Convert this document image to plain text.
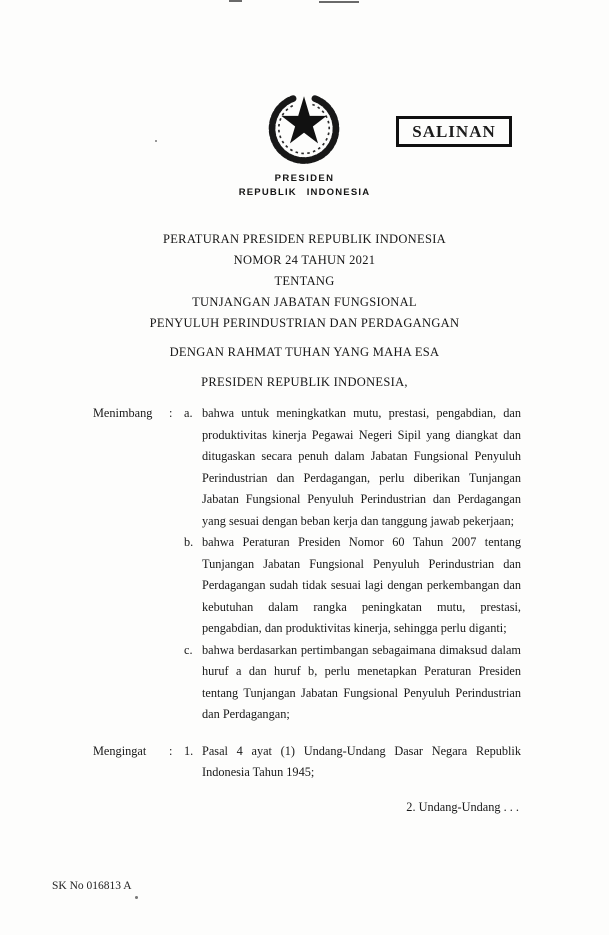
SALINAN
PRESIDEN
REPUBLIK INDONESIA
PERATURAN PRESIDEN REPUBLIK INDONESIA
NOMOR 24 TAHUN 2021
TENTANG
TUNJANGAN JABATAN FUNGSIONAL
PENYULUH PERINDUSTRIAN DAN PERDAGANGAN
DENGAN RAHMAT TUHAN YANG MAHA ESA
PRESIDEN REPUBLIK INDONESIA,
Menimbang	: a. bahwa untuk meningkatkan mutu, prestasi, pengabdian, dan produktivitas kinerja Pegawai Negeri Sipil yang diangkat dan ditugaskan secara penuh dalam Jabatan Fungsional Penyuluh Perindustrian dan Perdagangan, perlu diberikan Tunjangan Jabatan Fungsional Penyuluh Perindustrian dan Perdagangan yang sesuai dengan beban kerja dan tanggung jawab pekerjaan;
b. bahwa Peraturan Presiden Nomor 60 Tahun 2007 tentang Tunjangan Jabatan Fungsional Penyuluh Perindustrian dan Perdagangan sudah tidak sesuai lagi dengan perkembangan dan kebutuhan dalam rangka peningkatan mutu, prestasi, pengabdian, dan produktivitas kinerja, sehingga perlu diganti;
c. bahwa berdasarkan pertimbangan sebagaimana dimaksud dalam huruf a dan huruf b, perlu menetapkan Peraturan Presiden tentang Tunjangan Jabatan Fungsional Penyuluh Perindustrian dan Perdagangan;
Mengingat	: 1. Pasal 4 ayat (1) Undang-Undang Dasar Negara Republik Indonesia Tahun 1945;
2. Undang-Undang . . .
SK No 016813 A
